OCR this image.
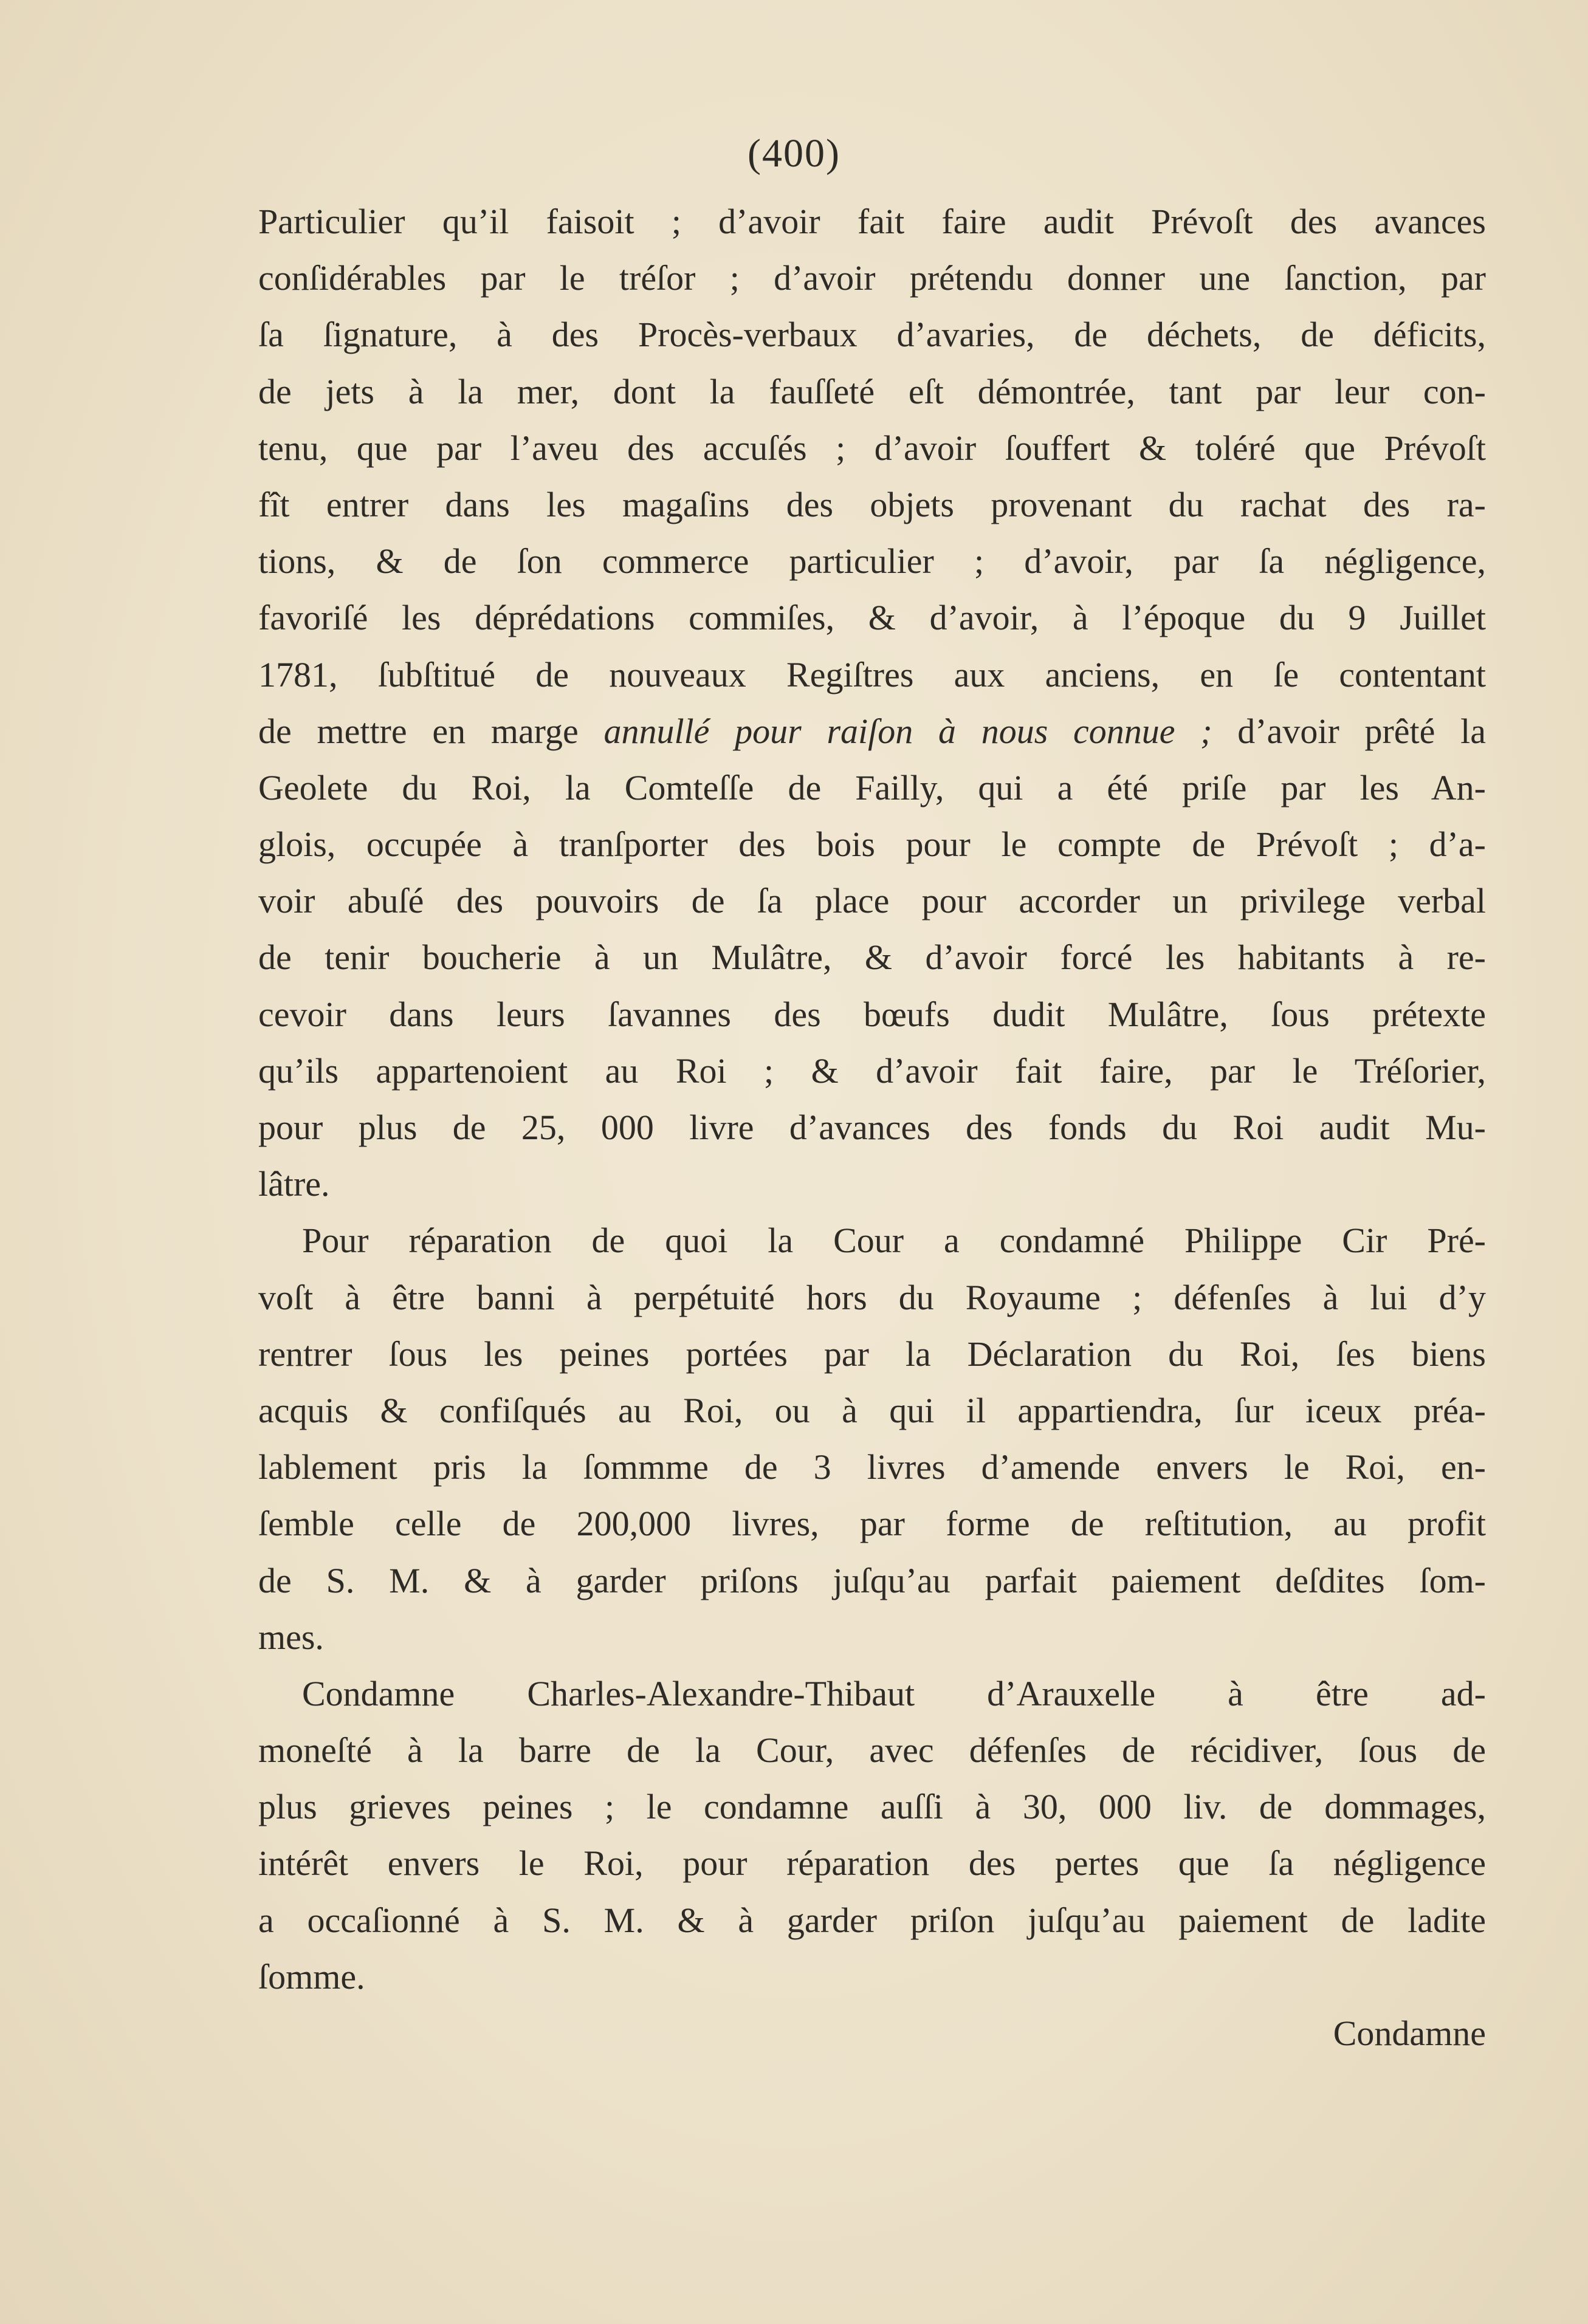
(400)
Particulier qu’il faisoit ; d’avoir fait faire audit Prévoſt des avances
conſidérables par le tréſor ; d’avoir prétendu donner une ſanction, par
ſa ſignature, à des Procès-verbaux d’avaries, de déchets, de déficits,
de jets à la mer, dont la fauſſeté eſt démontrée, tant par leur con-
tenu, que par l’aveu des accuſés ; d’avoir ſouffert & toléré que Prévoſt
fît entrer dans les magaſins des objets provenant du rachat des ra-
tions, & de ſon commerce particulier ; d’avoir, par ſa négligence,
favoriſé les déprédations commiſes, & d’avoir, à l’époque du 9 Juillet
1781, ſubſtitué de nouveaux Regiſtres aux anciens, en ſe contentant
de mettre en marge annullé pour raiſon à nous connue ; d’avoir prêté la
Geolete du Roi, la Comteſſe de Failly, qui a été priſe par les An-
glois, occupée à tranſporter des bois pour le compte de Prévoſt ; d’a-
voir abuſé des pouvoirs de ſa place pour accorder un privilege verbal
de tenir boucherie à un Mulâtre, & d’avoir forcé les habitants à re-
cevoir dans leurs ſavannes des bœufs dudit Mulâtre, ſous prétexte
qu’ils appartenoient au Roi ; & d’avoir fait faire, par le Tréſorier,
pour plus de 25, 000 livre d’avances des fonds du Roi audit Mu-
lâtre.
Pour réparation de quoi la Cour a condamné Philippe Cir Pré-
voſt à être banni à perpétuité hors du Royaume ; défenſes à lui d’y
rentrer ſous les peines portées par la Déclaration du Roi, ſes biens
acquis & confiſqués au Roi, ou à qui il appartiendra, ſur iceux préa-
lablement pris la ſommme de 3 livres d’amende envers le Roi, en-
ſemble celle de 200,000 livres, par forme de reſtitution, au profit
de S. M. & à garder priſons juſqu’au parfait paiement deſdites ſom-
mes.
Condamne Charles-Alexandre-Thibaut d’Arauxelle à être ad-
moneſté à la barre de la Cour, avec défenſes de récidiver, ſous de
plus grieves peines ; le condamne auſſi à 30, 000 liv. de dommages,
intérêt envers le Roi, pour réparation des pertes que ſa négligence
a occaſionné à S. M. & à garder priſon juſqu’au paiement de ladite
ſomme.
Condamne
